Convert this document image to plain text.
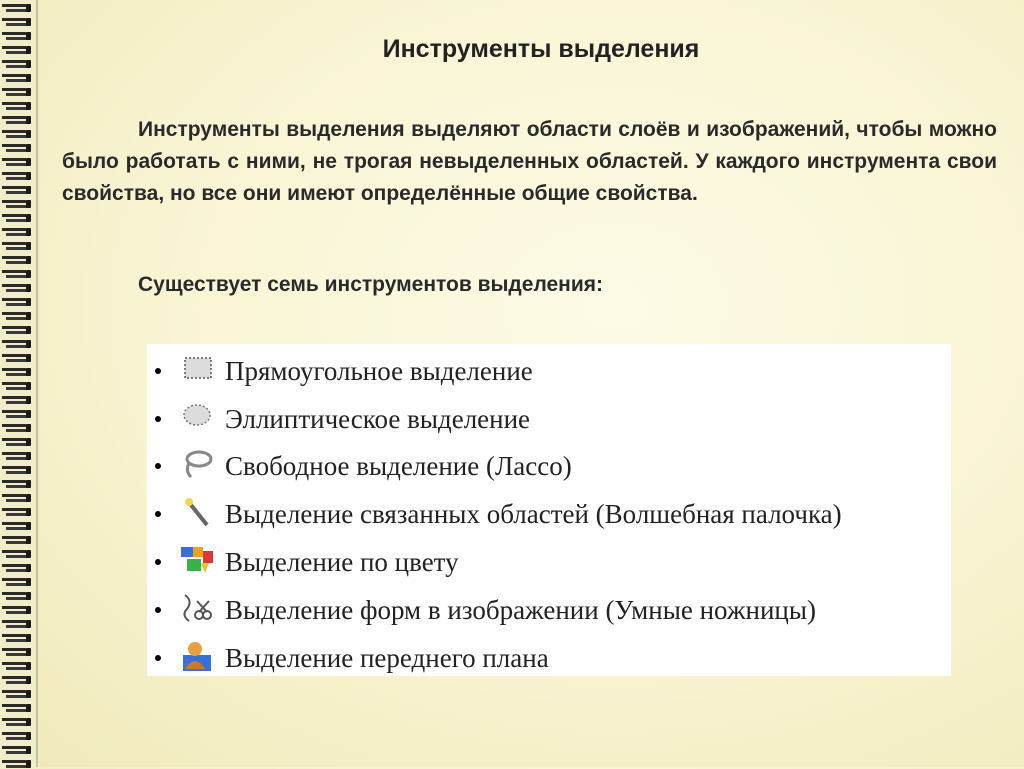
Инструменты выделения

Инструменты выделения выделяют области слоёв и изображений, чтобы можно было работать с ними, не трогая невыделенных областей. У каждого инструмента свои свойства, но все они имеют определённые общие свойства.

Существует семь инструментов выделения:

Прямоугольное выделение
Эллиптическое выделение
Свободное выделение (Лассо)
Выделение связанных областей (Волшебная палочка)
Выделение по цвету
Выделение форм в изображении (Умные ножницы)
Выделение переднего плана
